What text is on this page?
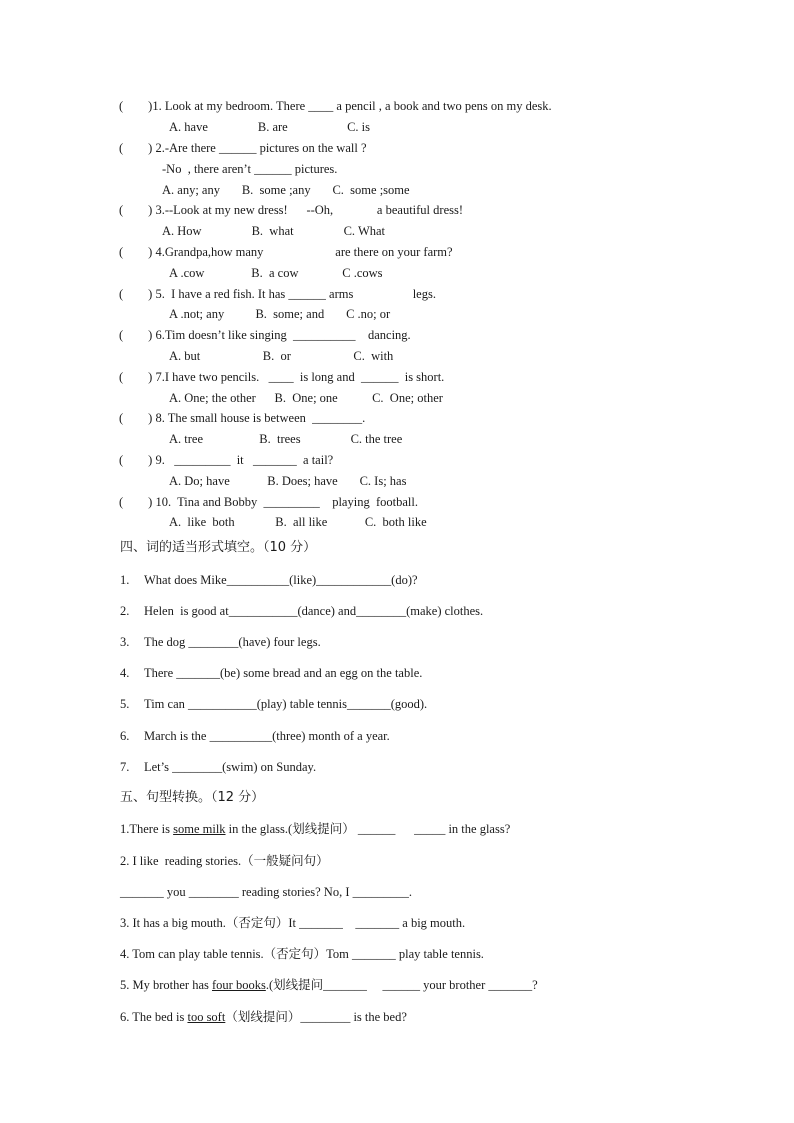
(        )1. Look at my bedroom. There ____ a pencil , a book and two pens on my desk.
A. have                B. are                   C. is
(        ) 2.-Are there ______ pictures on the wall ?
-No  , there aren’t ______ pictures.
A. any; any       B.  some ;any       C.  some ;some
(        ) 3.--Look at my new dress!      --Oh,              a beautiful dress!
A. How                B.  what                C. What
(        ) 4.Grandpa,how many                       are there on your farm?
A .cow               B.  a cow              C .cows
(        ) 5.  I have a red fish. It has ______ arms                   legs.
A .not; any          B.  some; and       C .no; or
(        ) 6.Tim doesn’t like singing  __________    dancing.
A. but                    B.  or                    C.  with
(        ) 7.I have two pencils.   ____  is long and  ______  is short.
A. One; the other      B.  One; one           C.  One; other
(        ) 8. The small house is between  ________.
A. tree                  B.  trees                C. the tree
(        ) 9.   _________  it   _______  a tail?
A. Do; have            B. Does; have       C. Is; has
(        ) 10.  Tina and Bobby  _________    playing  football.
A.  like  both             B.  all like            C.  both like
四、词的适当形式填空。（10 分）
1. What does Mike__________(like)____________(do)?
2. Helen  is good at___________(dance) and________(make) clothes.
3. The dog ________(have) four legs.
4. There _______(be) some bread and an egg on the table.
5. Tim can ___________(play) table tennis_______(good).
6. March is the __________(three) month of a year.
7. Let’s ________(swim) on Sunday.
五、句型转换。（12 分）
1.There is some milk in the glass.(划线提问） ______      _____ in the glass?
2. I like  reading stories.（一般疑问句）
_______ you ________ reading stories? No, I _________.
3. It has a big mouth.（否定句）It _______    _______ a big mouth.
4. Tom can play table tennis.（否定句）Tom _______ play table tennis.
5. My brother has four books.(划线提问_______     ______ your brother _______?
6. The bed is too soft（划线提问）________ is the bed?
